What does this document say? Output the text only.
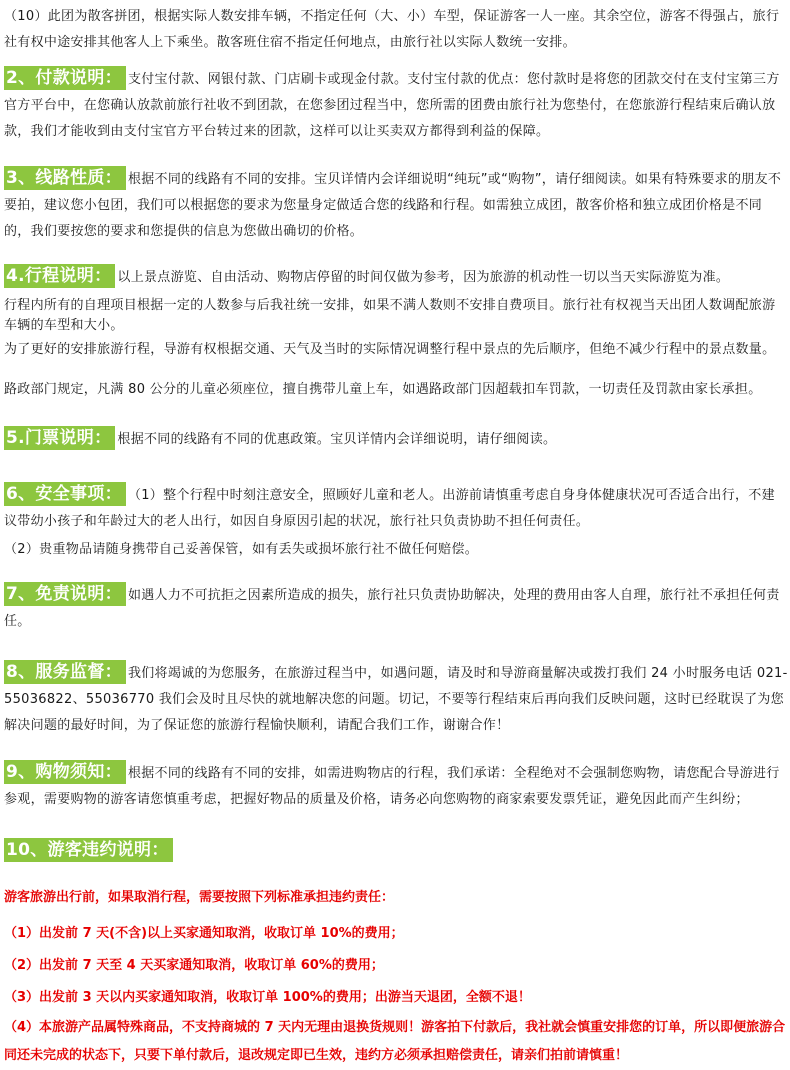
（10）此团为散客拼团，根据实际人数安排车辆，不指定任何（大、小）车型，保证游客一人一座。其余空位，游客不得强占，旅行社有权中途安排其他客人上下乘坐。散客班住宿不指定任何地点，由旅行社以实际人数统一安排。

2、付款说明： 支付宝付款、网银付款、门店刷卡或现金付款。支付宝付款的优点：您付款时是将您的团款交付在支付宝第三方官方平台中，在您确认放款前旅行社收不到团款，在您参团过程当中，您所需的团费由旅行社为您垫付，在您旅游行程结束后确认放款，我们才能收到由支付宝官方平台转过来的团款，这样可以让买卖双方都得到利益的保障。

3、线路性质： 根据不同的线路有不同的安排。宝贝详情内会详细说明“纯玩”或“购物”，请仔细阅读。如果有特殊要求的朋友不要拍，建议您小包团，我们可以根据您的要求为您量身定做适合您的线路和行程。如需独立成团，散客价格和独立成团价格是不同的，我们要按您的要求和您提供的信息为您做出确切的价格。

4.行程说明： 以上景点游览、自由活动、购物店停留的时间仅做为参考，因为旅游的机动性一切以当天实际游览为准。

行程内所有的自理项目根据一定的人数参与后我社统一安排，如果不满人数则不安排自费项目。旅行社有权视当天出团人数调配旅游车辆的车型和大小。

为了更好的安排旅游行程，导游有权根据交通、天气及当时的实际情况调整行程中景点的先后顺序，但绝不减少行程中的景点数量。

路政部门规定，凡满 80 公分的儿童必须座位，擅自携带儿童上车，如遇路政部门因超载扣车罚款，一切责任及罚款由家长承担。

5.门票说明： 根据不同的线路有不同的优惠政策。宝贝详情内会详细说明，请仔细阅读。

6、安全事项： （1）整个行程中时刻注意安全，照顾好儿童和老人。出游前请慎重考虑自身身体健康状况可否适合出行，不建议带幼小孩子和年龄过大的老人出行，如因自身原因引起的状况，旅行社只负责协助不担任何责任。

（2）贵重物品请随身携带自己妥善保管，如有丢失或损坏旅行社不做任何赔偿。

7、免责说明： 如遇人力不可抗拒之因素所造成的损失，旅行社只负责协助解决，处理的费用由客人自理，旅行社不承担任何责任。

8、服务监督： 我们将竭诚的为您服务，在旅游过程当中，如遇问题，请及时和导游商量解决或拨打我们 24 小时服务电话 021-55036822、55036770 我们会及时且尽快的就地解决您的问题。切记，不要等行程结束后再向我们反映问题，这时已经耽误了为您解决问题的最好时间，为了保证您的旅游行程愉快顺利，请配合我们工作，谢谢合作！

9、购物须知： 根据不同的线路有不同的安排，如需进购物店的行程，我们承诺：全程绝对不会强制您购物，请您配合导游进行参观，需要购物的游客请您慎重考虑，把握好物品的质量及价格，请务必向您购物的商家索要发票凭证，避免因此而产生纠纷；

10、游客违约说明：

游客旅游出行前，如果取消行程，需要按照下列标准承担违约责任：

（1）出发前 7 天(不含)以上买家通知取消，收取订单 10%的费用；

（2）出发前 7 天至 4 天买家通知取消，收取订单 60%的费用；

（3）出发前 3 天以内买家通知取消，收取订单 100%的费用；出游当天退团，全额不退！

（4）本旅游产品属特殊商品，不支持商城的 7 天内无理由退换货规则！游客拍下付款后，我社就会慎重安排您的订单，所以即便旅游合同还未完成的状态下，只要下单付款后，退改规定即已生效，违约方必须承担赔偿责任，请亲们拍前请慎重！
